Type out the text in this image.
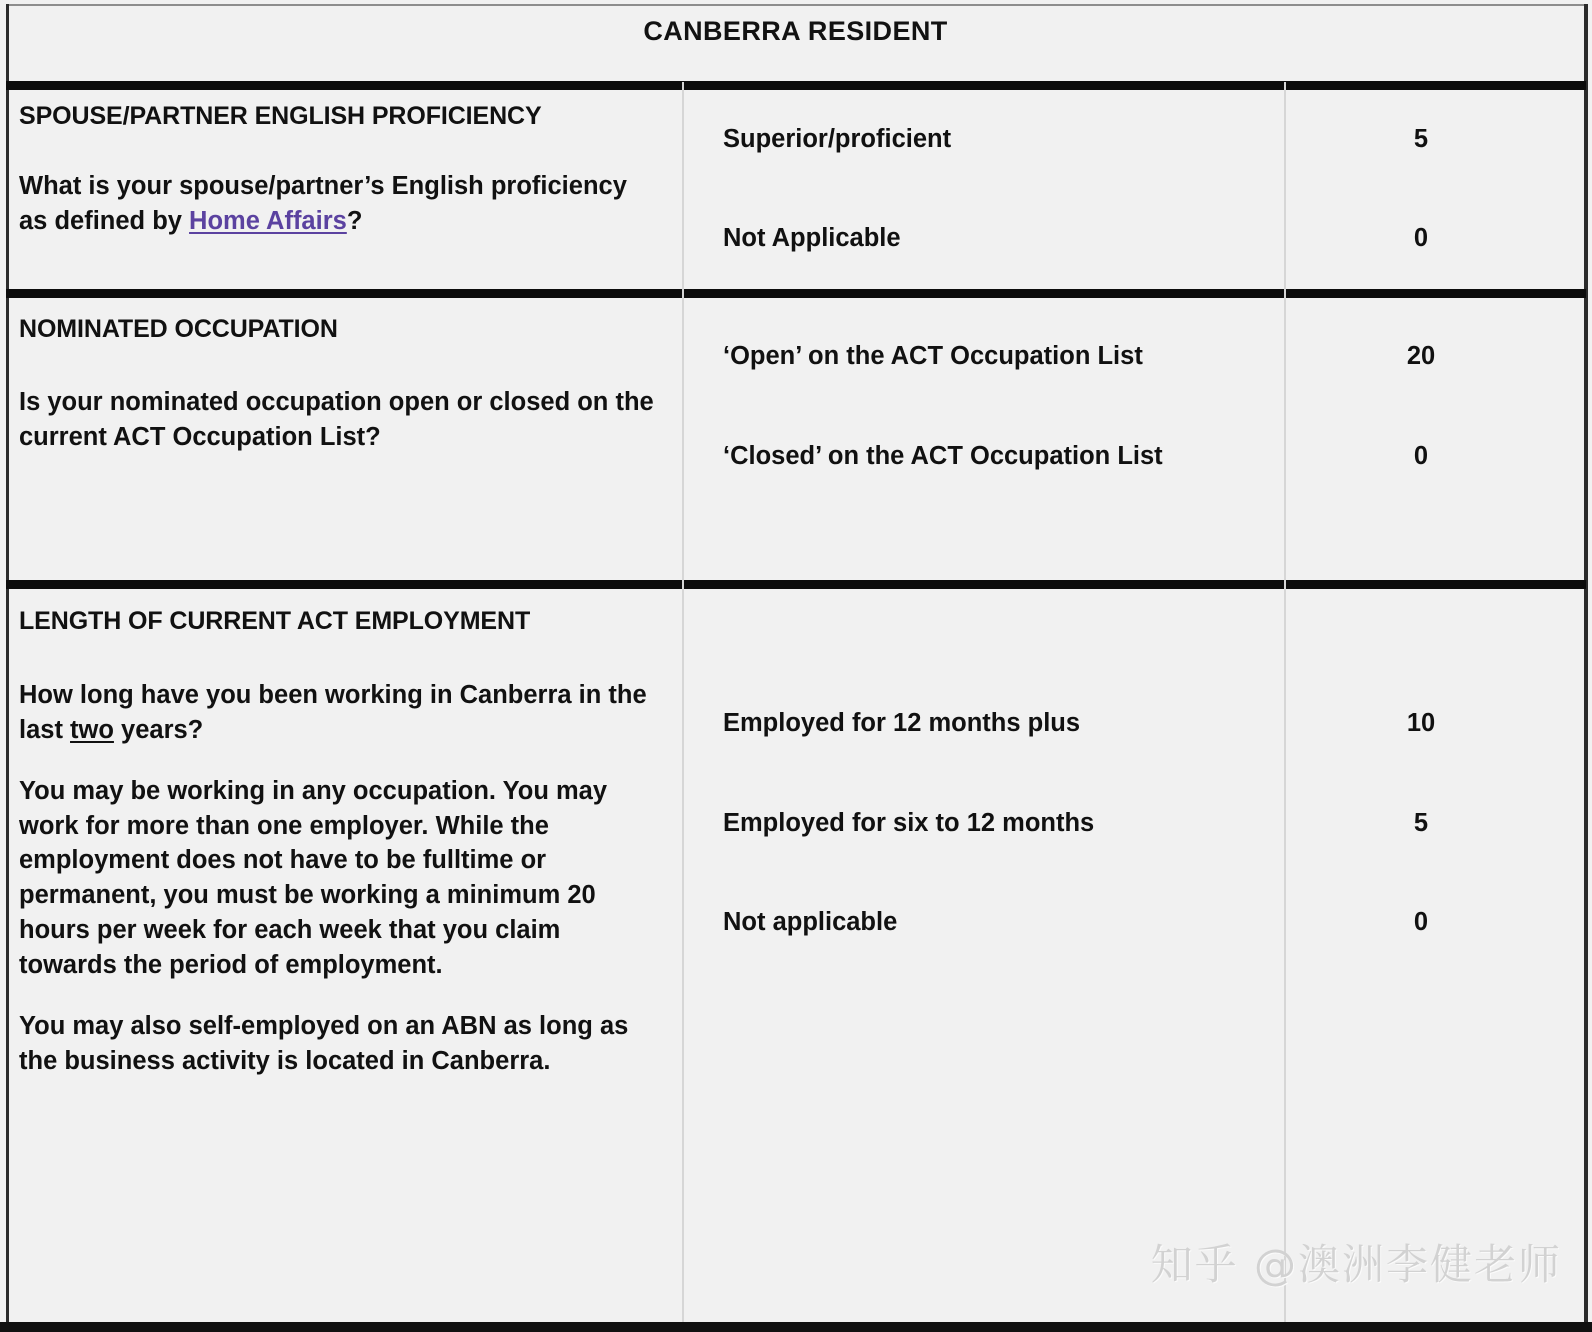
CANBERRA RESIDENT
SPOUSE/PARTNER ENGLISH PROFICIENCY
What is your spouse/partner’s English proficiency as defined by Home Affairs?
Superior/proficient
Not Applicable
5
0
NOMINATED OCCUPATION
Is your nominated occupation open or closed on the current ACT Occupation List?
‘Open’ on the ACT Occupation List
‘Closed’ on the ACT Occupation List
20
0
LENGTH OF CURRENT ACT EMPLOYMENT

How long have you been working in Canberra in the last two years?

You may be working in any occupation. You may work for more than one employer. While the employment does not have to be fulltime or permanent, you must be working a minimum 20 hours per week for each week that you claim towards the period of employment.

You may also self-employed on an ABN as long as the business activity is located in Canberra.

Employed for 12 months plus
Employed for six to 12 months
Not applicable
10
5
0
知乎 @澳洲李健老师
